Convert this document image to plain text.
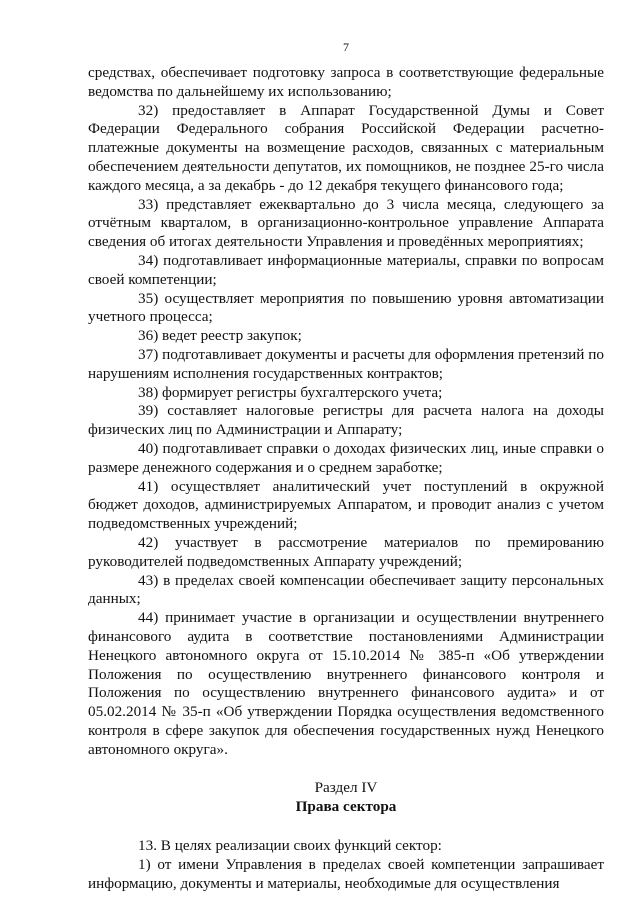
7

средствах, обеспечивает подготовку запроса в соответствующие федеральные ведомства по дальнейшему их использованию;

32) предоставляет в Аппарат Государственной Думы и Совет Федерации Федерального собрания Российской Федерации расчетно-платежные документы на возмещение расходов, связанных с материальным обеспечением деятельности депутатов, их помощников, не позднее 25-го числа каждого месяца, а за декабрь - до 12 декабря текущего финансового года;

33) представляет ежеквартально до 3 числа месяца, следующего за отчётным кварталом, в организационно-контрольное управление Аппарата сведения об итогах деятельности Управления и проведённых мероприятиях;

34) подготавливает информационные материалы, справки по вопросам своей компетенции;

35) осуществляет мероприятия по повышению уровня автоматизации учетного процесса;

36) ведет реестр закупок;

37) подготавливает документы и расчеты для оформления претензий по нарушениям исполнения государственных контрактов;

38) формирует регистры бухгалтерского учета;

39) составляет налоговые регистры для расчета налога на доходы физических лиц по Администрации и Аппарату;

40) подготавливает справки о доходах физических лиц, иные справки о размере денежного содержания и о среднем заработке;

41) осуществляет аналитический учет поступлений в окружной бюджет доходов, администрируемых Аппаратом, и проводит анализ с учетом подведомственных учреждений;

42) участвует в рассмотрение материалов по премированию руководителей подведомственных Аппарату учреждений;

43) в пределах своей компенсации обеспечивает защиту персональных данных;

44) принимает участие в организации и осуществлении внутреннего финансового аудита в соответствие постановлениями Администрации Ненецкого автономного округа от 15.10.2014 № 385-п «Об утверждении Положения по осуществлению внутреннего финансового контроля и Положения по осуществлению внутреннего финансового аудита» и от 05.02.2014 № 35-п «Об утверждении Порядка осуществления ведомственного контроля в сфере закупок для обеспечения государственных нужд Ненецкого автономного округа».

Раздел IV
Права сектора

13. В целях реализации своих функций сектор:

1) от имени Управления в пределах своей компетенции запрашивает информацию, документы и материалы, необходимые для осуществления
